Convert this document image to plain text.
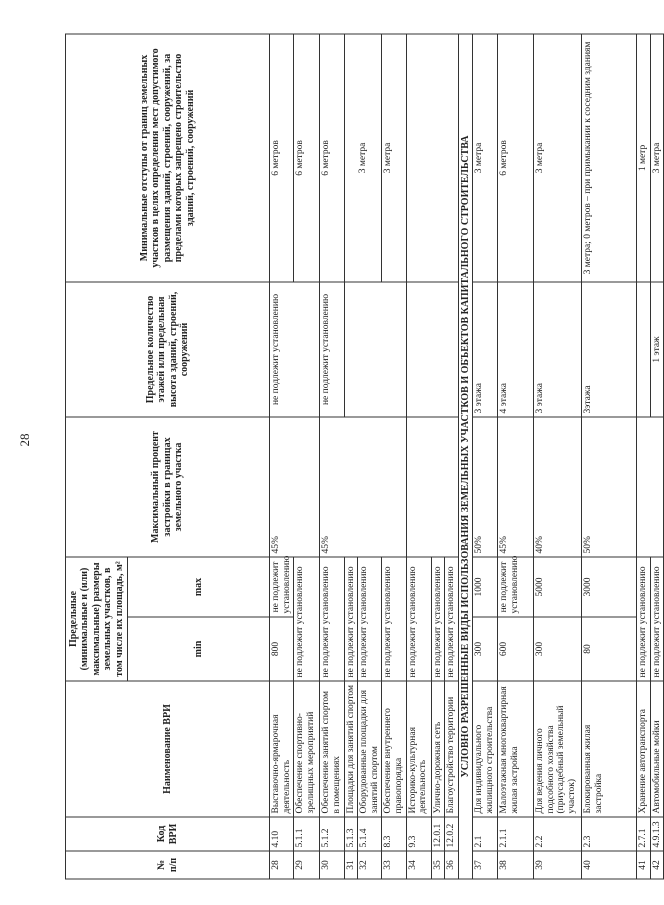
28
№ п/п	Код ВРИ	Наименование ВРИ	Предельные (минимальные и (или) максимальные) размеры земельных участков, в том числе их площадь, м²		Максимальный процент застройки в границах земельного участка	Предельное количество этажей или предельная высота зданий, строений, сооружений	Минимальные отступы от границ земельных участков в целях определения мест допустимого размещения зданий, строений, сооружений, за пределами которых запрещено строительство зданий, строений, сооружений
			min	max			
28	4.10	Выставочно-ярмарочная деятельность	800	не подлежит установлению	45%	не подлежит установлению	6 метров
29	5.1.1	Обеспечение спортивно-зрелищных мероприятий	не подлежит установлению				6 метров
30	5.1.2	Обеспечение занятий спортом в помещениях	не подлежит установлению		45%	не подлежит установлению	6 метров
31	5.1.3	Площадки для занятий спортом	не подлежит установлению				3 метра
32	5.1.4	Оборудованные площадки для занятий спортом	не подлежит установлению				
33	8.3	Обеспечение внутреннего правопорядка	не подлежит установлению				3 метра
34	9.3	Историко-культурная деятельность	не подлежит установлению				
35	12.0.1	Улично-дорожная сеть	не подлежит установлению				
36	12.0.2	Благоустройство территории	не подлежит установлению				
УСЛОВНО РАЗРЕШЕННЫЕ ВИДЫ ИСПОЛЬЗОВАНИЯ ЗЕМЕЛЬНЫХ УЧАСТКОВ И ОБЪЕКТОВ КАПИТАЛЬНОГО СТРОИТЕЛЬСТВА							
37	2.1	Для индивидуального жилищного строительства	300	1000	50%	3 этажа	3 метра
38	2.1.1	Малоэтажная многоквартирная жилая застройка	600	не подлежит установлению	45%	4 этажа	6 метров
39	2.2	Для ведения личного подсобного хозяйства (приусадебный земельный участок)	300	5000	40%	3 этажа	3 метра
40	2.3	Блокированная жилая застройка	80	3000	50%	3этажа	3 метра; 0 метров – при примыкании к соседним зданиям
41	2.7.1	Хранение автотранспорта	не подлежит установлению				1 метр
42	4.9.1.3	Автомобильные мойки	не подлежит установлению			1 этаж	3 метра
